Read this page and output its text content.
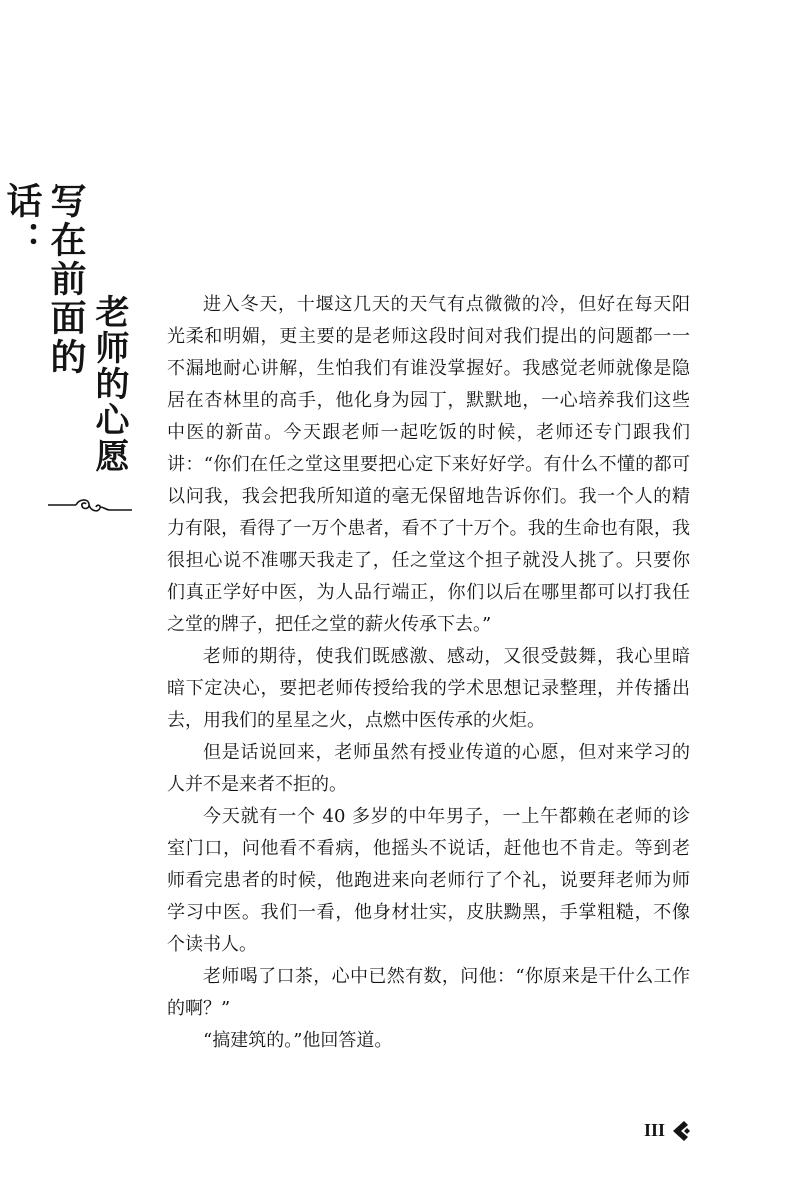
写在前面的话：
老师的心愿	进入冬天，十堰这几天的天气有点微微的冷，但好在每天阳
光柔和明媚，更主要的是老师这段时间对我们提出的问题都一一
不漏地耐心讲解，生怕我们有谁没掌握好。我感觉老师就像是隐
居在杏林里的高手，他化身为园丁，默默地，一心培养我们这些
中医的新苗。今天跟老师一起吃饭的时候，老师还专门跟我们
讲：“你们在任之堂这里要把心定下来好好学。有什么不懂的都可
以问我，我会把我所知道的毫无保留地告诉你们。我一个人的精
力有限，看得了一万个患者，看不了十万个。我的生命也有限，我
很担心说不准哪天我走了，任之堂这个担子就没人挑了。只要你
们真正学好中医，为人品行端正，你们以后在哪里都可以打我任
之堂的牌子，把任之堂的薪火传承下去。”
老师的期待，使我们既感激、感动，又很受鼓舞，我心里暗
暗下定决心，要把老师传授给我的学术思想记录整理，并传播出
去，用我们的星星之火，点燃中医传承的火炬。
但是话说回来，老师虽然有授业传道的心愿，但对来学习的
人并不是来者不拒的。
今天就有一个 40 多岁的中年男子，一上午都赖在老师的诊
室门口，问他看不看病，他摇头不说话，赶他也不肯走。等到老
师看完患者的时候，他跑进来向老师行了个礼，说要拜老师为师
学习中医。我们一看，他身材壮实，皮肤黝黑，手掌粗糙，不像
个读书人。
老师喝了口茶，心中已然有数，问他：“你原来是干什么工作
的啊？”
“搞建筑的。”他回答道。
III
